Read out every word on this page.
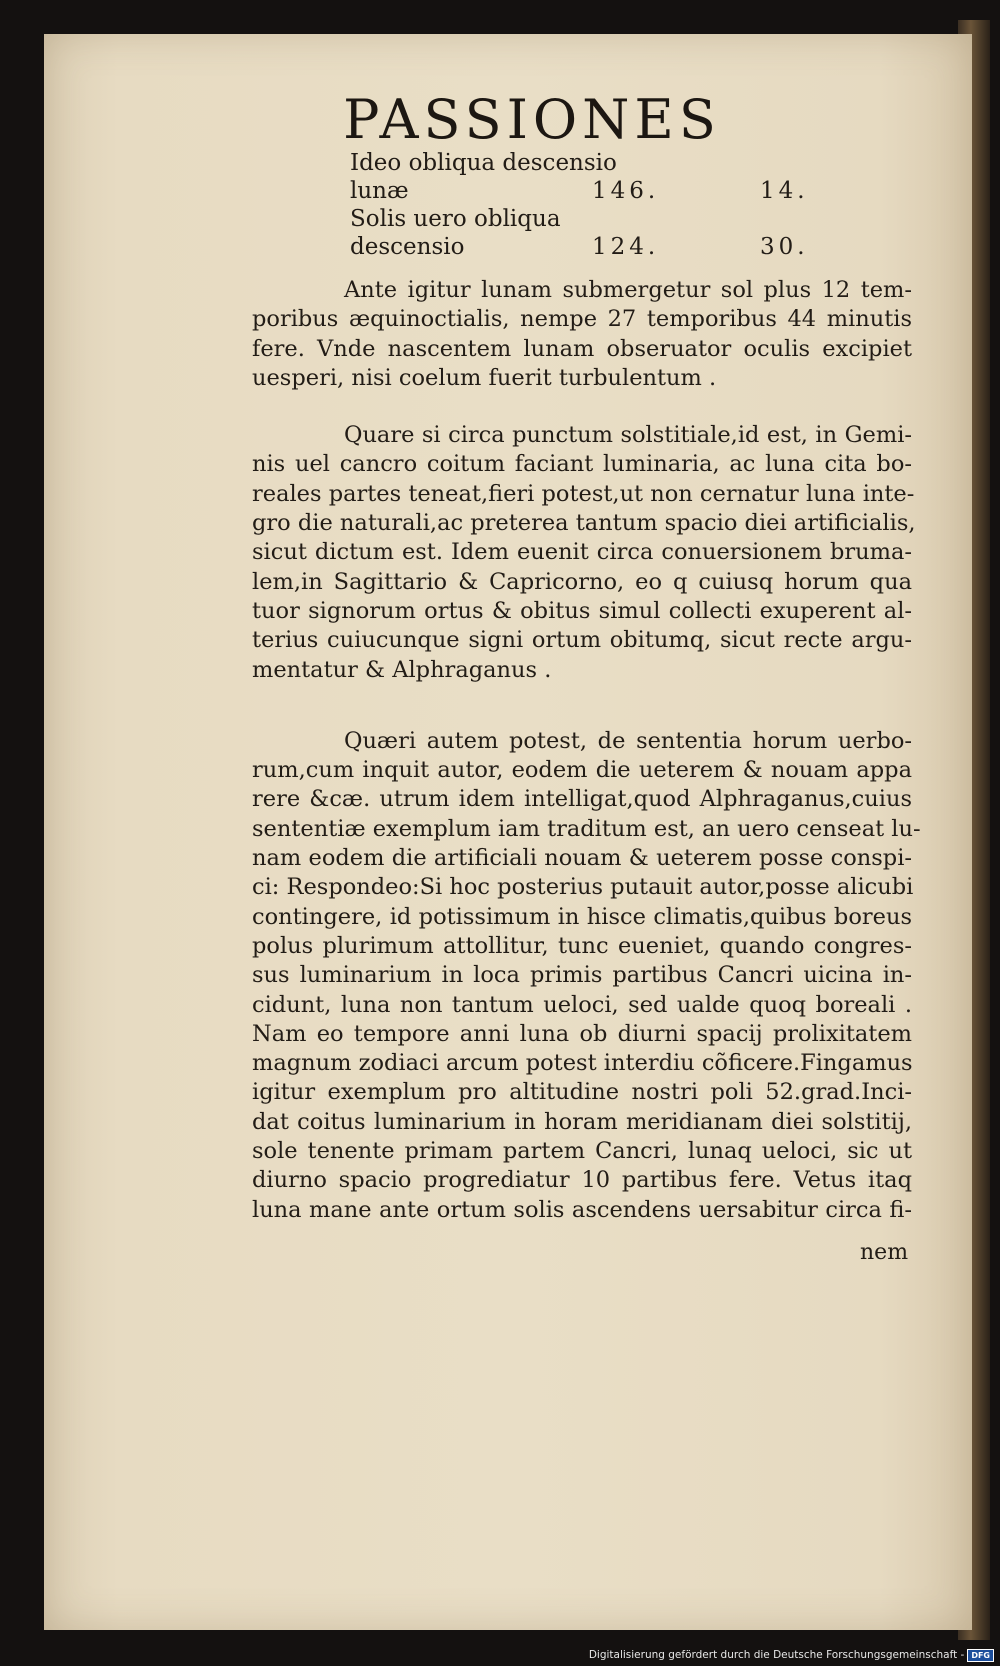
PASSIONES
Ideo obliqua descensio
lunæ	146.	14.
Solis uero obliqua
descensio	124.	30.
Ante igitur lunam submergetur sol plus 12 tem-
poribus æquinoctialis, nempe 27 temporibus 44 minutis
fere. Vnde nascentem lunam obseruator oculis excipiet
uesperi, nisi coelum fuerit turbulentum .
Quare si circa punctum solstitiale,id est, in Gemi-
nis uel cancro coitum faciant luminaria, ac luna cita bo-
reales partes teneat,fieri potest,ut non cernatur luna inte-
gro die naturali,ac preterea tantum spacio diei artificialis,
sicut dictum est. Idem euenit circa conuersionem bruma-
lem,in Sagittario & Capricorno, eo q cuiusq horum qua
tuor signorum ortus & obitus simul collecti exuperent al-
terius cuiucunque signi ortum obitumq, sicut recte argu-
mentatur & Alphraganus .
Quæri autem potest, de sententia horum uerbo-
rum,cum inquit autor, eodem die ueterem & nouam appa
rere &cæ. utrum idem intelligat,quod Alphraganus,cuius
sententiæ exemplum iam traditum est, an uero censeat lu-
nam eodem die artificiali nouam & ueterem posse conspi-
ci: Respondeo:Si hoc posterius putauit autor,posse alicubi
contingere, id potissimum in hisce climatis,quibus boreus
polus plurimum attollitur, tunc eueniet, quando congres-
sus luminarium in loca primis partibus Cancri uicina in-
cidunt, luna non tantum ueloci, sed ualde quoq boreali .
Nam eo tempore anni luna ob diurni spacij prolixitatem
magnum zodiaci arcum potest interdiu cõficere.Fingamus
igitur exemplum pro altitudine nostri poli 52.grad.Inci-
dat coitus luminarium in horam meridianam diei solstitij,
sole tenente primam partem Cancri, lunaq ueloci, sic ut
diurno spacio progrediatur 10 partibus fere. Vetus itaq
luna mane ante ortum solis ascendens uersabitur circa fi-
nem
Digitalisierung gefördert durch die Deutsche Forschungsgemeinschaft - DFG
